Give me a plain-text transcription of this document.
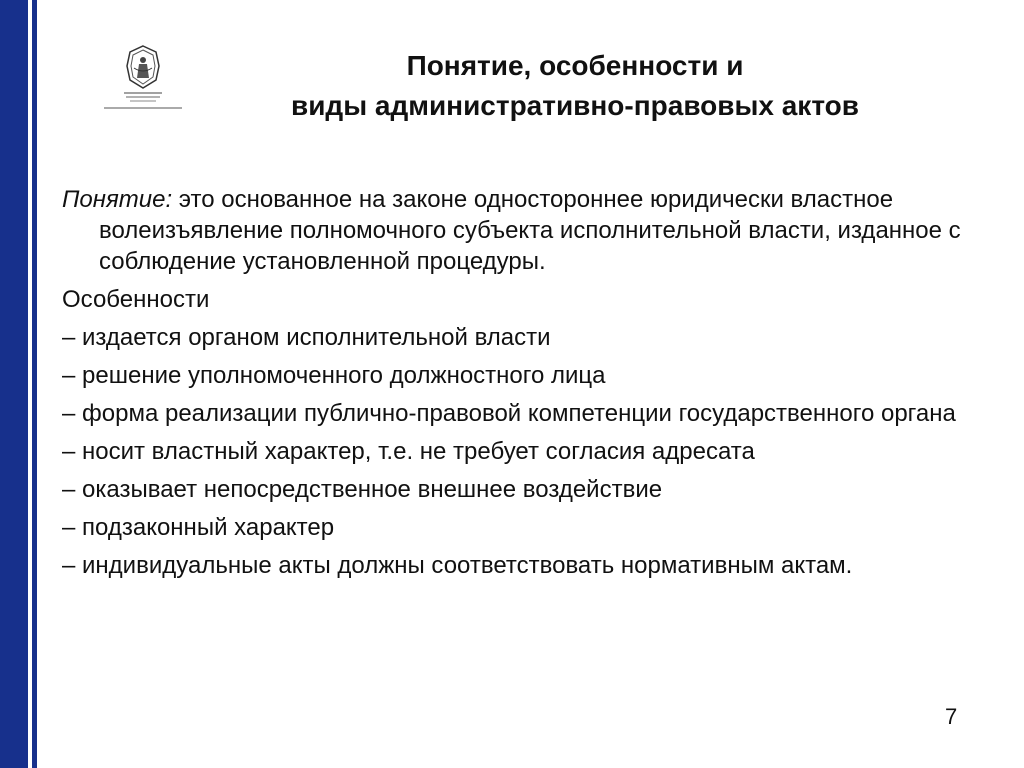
Понятие, особенности и
виды административно-правовых актов

Понятие: это основанное на законе одностороннее юридически властное волеизъявление полномочного субъекта исполнительной власти, изданное с соблюдение установленной процедуры.

Особенности

– издается органом исполнительной власти

– решение уполномоченного должностного лица

– форма реализации публично-правовой компетенции государственного органа

– носит властный характер, т.е. не требует согласия адресата

– оказывает непосредственное внешнее воздействие

– подзаконный характер

– индивидуальные акты должны соответствовать нормативным актам.

7
